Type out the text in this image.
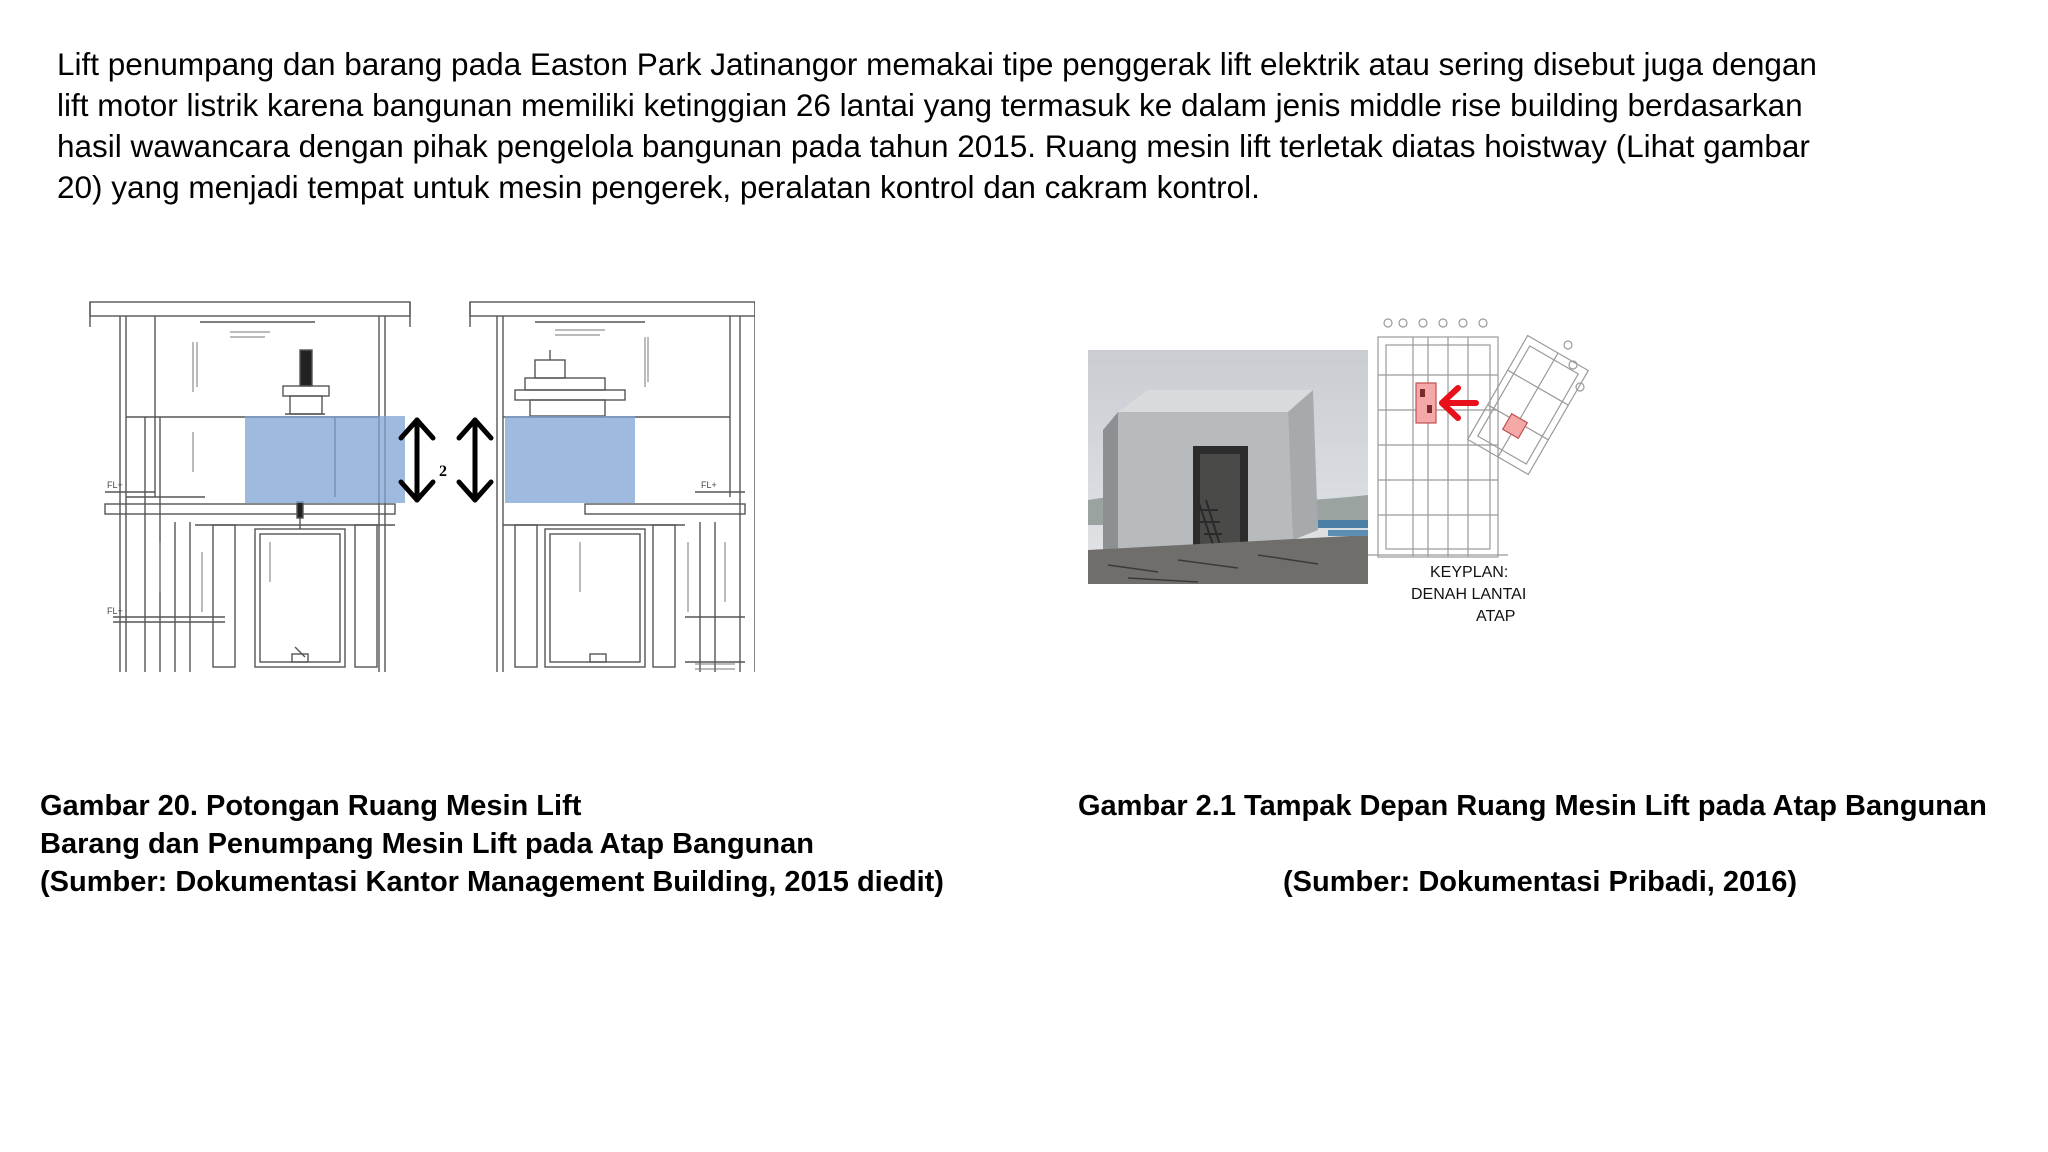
Lift penumpang dan barang pada Easton Park Jatinangor memakai tipe penggerak lift elektrik atau sering disebut juga dengan
lift motor listrik karena bangunan memiliki ketinggian 26 lantai yang termasuk ke dalam jenis middle rise building berdasarkan
hasil wawancara dengan pihak pengelola bangunan pada tahun 2015. Ruang mesin lift terletak diatas hoistway (Lihat gambar
20) yang menjadi tempat untuk mesin pengerek, peralatan kontrol dan cakram kontrol.
FL+
FL+
FL+
2
KEYPLAN:
DENAH LANTAI
ATAP
Gambar 20. Potongan Ruang Mesin Lift
Barang dan Penumpang Mesin Lift pada Atap Bangunan
(Sumber: Dokumentasi Kantor Management Building, 2015 diedit)
Gambar 2.1 Tampak Depan Ruang Mesin Lift pada Atap Bangunan
(Sumber: Dokumentasi Pribadi, 2016)
